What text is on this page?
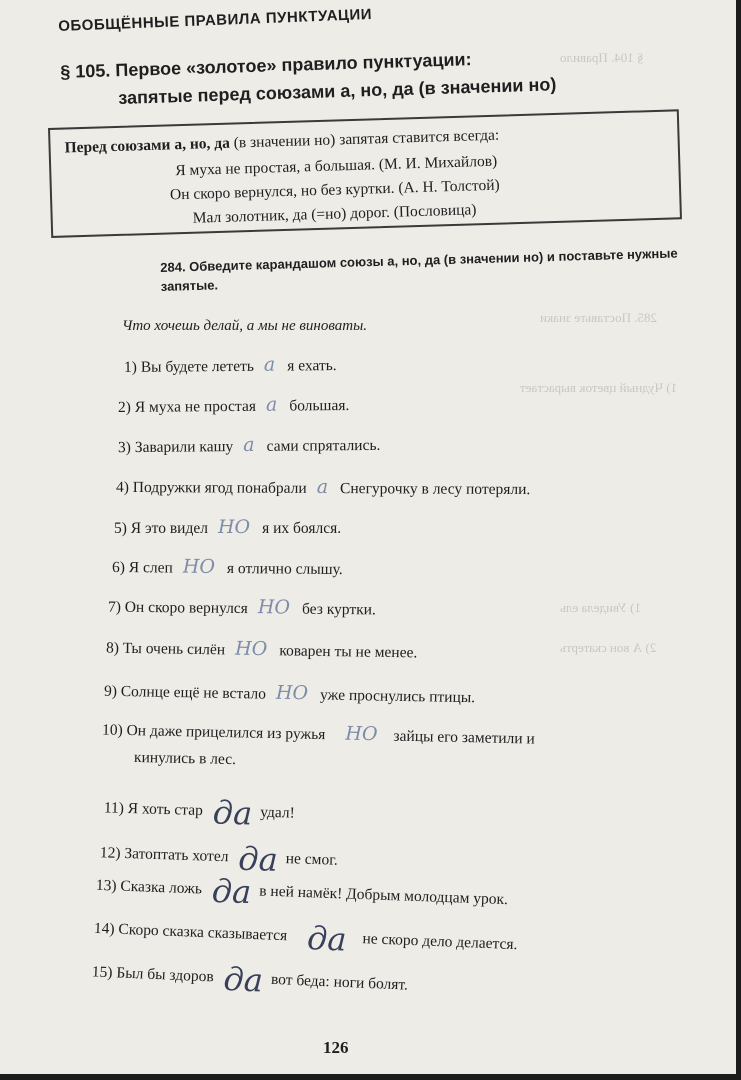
§ 104. Правило
285. Поставьте знаки
1) Чудный цветок вырастает
1) Увидела ель
2) А вон скатерть
ОБОБЩЁННЫЕ ПРАВИЛА ПУНКТУАЦИИ
§ 105. Первое «золотое» правило пунктуации:
запятые перед союзами а, но, да (в значении но)
Перед союзами а, но, да (в значении но) запятая ставится всегда:
Я муха не простая, а большая. (М. И. Михайлов)
Он скоро вернулся, но без куртки. (А. Н. Толстой)
Мал золотник, да (=но) дорог. (Пословица)
284. Обведите карандашом союзы а, но, да (в значении но) и поставьте нужные запятые.
Что хочешь делай, а мы не виноваты.
1) Вы будете лететь а я ехать.
2) Я муха не простая а большая.
3) Заварили кашу а сами спрятались.
4) Подружки ягод понабрали а Снегурочку в лесу потеряли.
5) Я это видел НО я их боялся.
6) Я слеп НО я отлично слышу.
7) Он скоро вернулся НО без куртки.
8) Ты очень силён НО коварен ты не менее.
9) Солнце ещё не встало НО уже проснулись птицы.
10) Он даже прицелился из ружья НО зайцы его заметили и
кинулись в лес.
11) Я хоть стар да удал!
12) Затоптать хотел да не смог.
13) Сказка ложь да в ней намёк! Добрым молодцам урок.
14) Скоро сказка сказывается да не скоро дело делается.
15) Был бы здоров да вот беда: ноги болят.
126
